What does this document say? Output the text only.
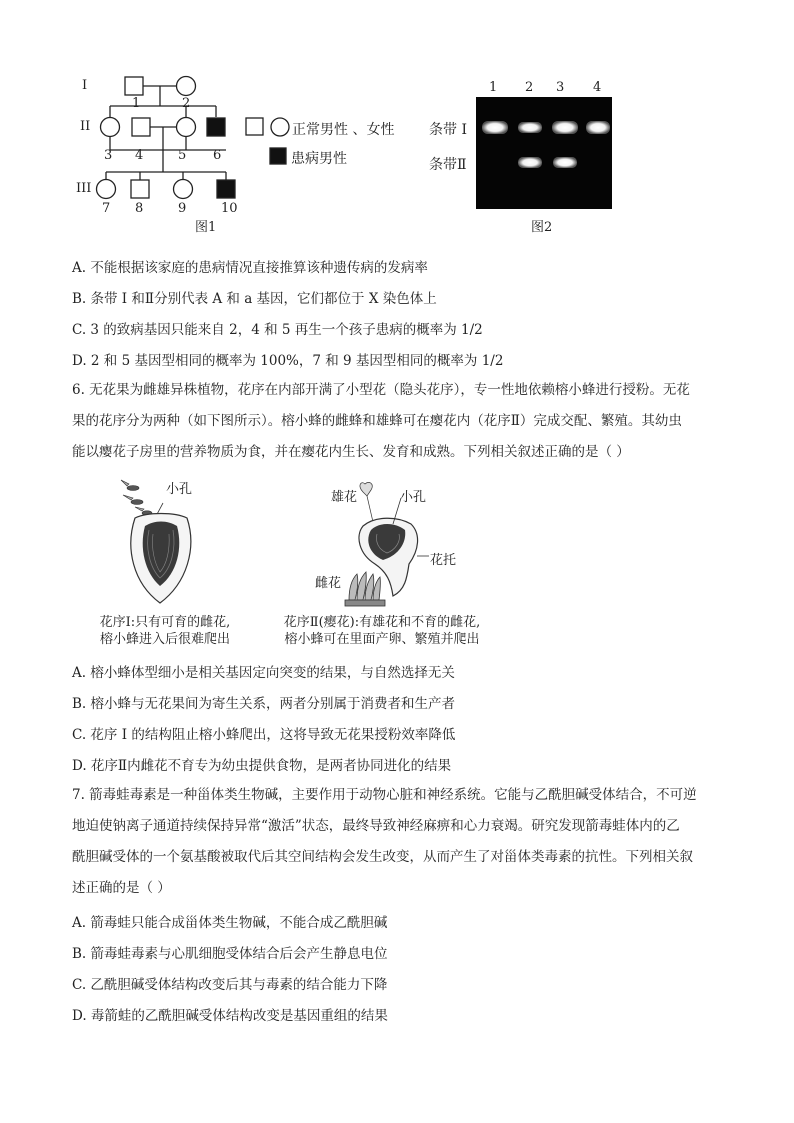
I
II
III
1	2
3 4	5 6
7 8	9	10
正常男性 、女性
患病男性
图1
1 2 3 4
条带 I
条带Ⅱ
图2
A. 不能根据该家庭的患病情况直接推算该种遗传病的发病率
B. 条带 I 和Ⅱ分别代表 A 和 a 基因，它们都位于 X 染色体上
C. 3 的致病基因只能来自 2，4 和 5 再生一个孩子患病的概率为 1/2
D. 2 和 5 基因型相同的概率为 100%，7 和 9 基因型相同的概率为 1/2
6. 无花果为雌雄异株植物，花序在内部开满了小型花（隐头花序），专一性地依赖榕小蜂进行授粉。无花
果的花序分为两种（如下图所示）。榕小蜂的雌蜂和雄蜂可在瘿花内（花序Ⅱ）完成交配、繁殖。其幼虫
能以瘿花子房里的营养物质为食，并在瘿花内生长、发育和成熟。下列相关叙述正确的是（ ）
小孔
花序I:只有可育的雌花,
榕小蜂进入后很难爬出
雄花	小孔
花托
雌花
花序Ⅱ(瘿花):有雄花和不育的雌花,
榕小蜂可在里面产卵、繁殖并爬出
A. 榕小蜂体型细小是相关基因定向突变的结果，与自然选择无关
B. 榕小蜂与无花果间为寄生关系，两者分别属于消费者和生产者
C. 花序 I 的结构阻止榕小蜂爬出，这将导致无花果授粉效率降低
D. 花序Ⅱ内雌花不育专为幼虫提供食物，是两者协同进化的结果
7. 箭毒蛙毒素是一种甾体类生物碱，主要作用于动物心脏和神经系统。它能与乙酰胆碱受体结合，不可逆
地迫使钠离子通道持续保持异常“激活”状态，最终导致神经麻痹和心力衰竭。研究发现箭毒蛙体内的乙
酰胆碱受体的一个氨基酸被取代后其空间结构会发生改变，从而产生了对甾体类毒素的抗性。下列相关叙
述正确的是（ ）
A. 箭毒蛙只能合成甾体类生物碱，不能合成乙酰胆碱
B. 箭毒蛙毒素与心肌细胞受体结合后会产生静息电位
C. 乙酰胆碱受体结构改变后其与毒素的结合能力下降
D. 毒箭蛙的乙酰胆碱受体结构改变是基因重组的结果
